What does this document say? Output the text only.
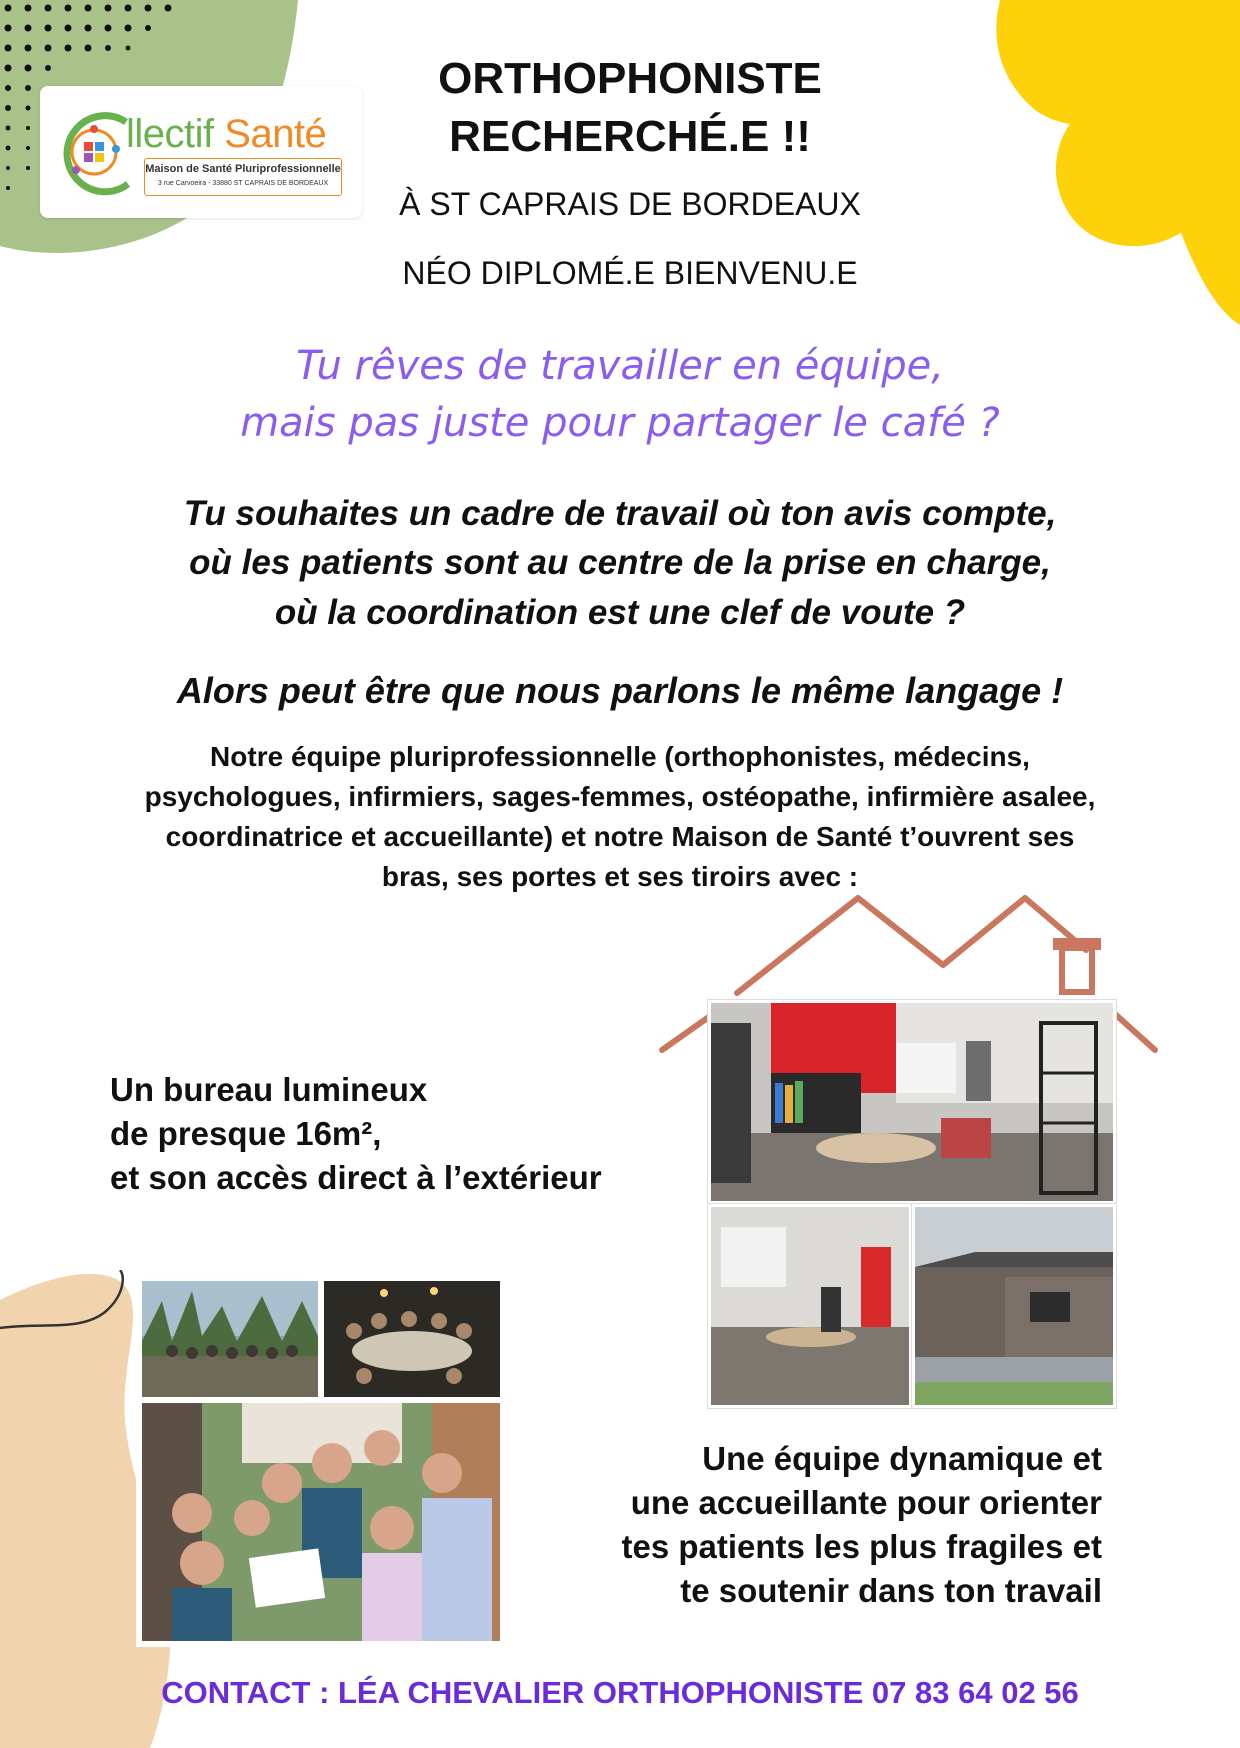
llectif Santé
Maison de Santé Pluriprofessionnelle
3 rue Carvoeira - 33880 ST CAPRAIS DE BORDEAUX
ORTHOPHONISTE
RECHERCHÉ.E !!
À ST CAPRAIS DE BORDEAUX
NÉO DIPLOMÉ.E BIENVENU.E
Tu rêves de travailler en équipe,
mais pas juste pour partager le café ?
Tu souhaites un cadre de travail où ton avis compte,
où les patients sont au centre de la prise en charge,
où la coordination est une clef de voute ?
Alors peut être que nous parlons le même langage !
Notre équipe pluriprofessionnelle (orthophonistes, médecins,
psychologues, infirmiers, sages-femmes, ostéopathe, infirmière asalee,
coordinatrice et accueillante) et notre Maison de Santé t’ouvrent ses
bras, ses portes et ses tiroirs avec :
Un bureau lumineux
de presque 16m²,
et son accès direct à l’extérieur
Une équipe dynamique et
une accueillante pour orienter
tes patients les plus fragiles et
te soutenir dans ton travail
CONTACT : LÉA CHEVALIER ORTHOPHONISTE 07 83 64 02 56
